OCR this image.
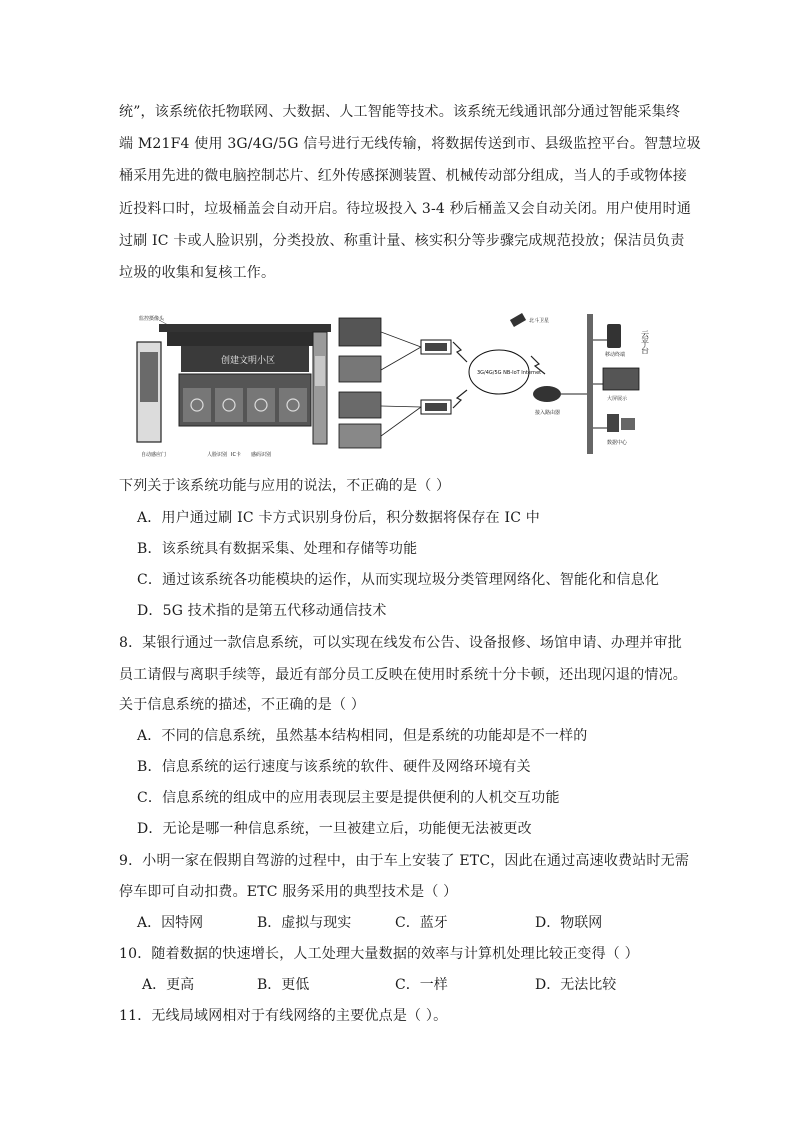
统”，该系统依托物联网、大数据、人工智能等技术。该系统无线通讯部分通过智能采集终
端 M21F4 使用 3G/4G/5G 信号进行无线传输，将数据传送到市、县级监控平台。智慧垃圾
桶采用先进的微电脑控制芯片、红外传感探测装置、机械传动部分组成，当人的手或物体接
近投料口时，垃圾桶盖会自动开启。待垃圾投入 3-4 秒后桶盖又会自动关闭。用户使用时通
过刷 IC 卡或人脸识别，分类投放、称重计量、核实积分等步骤完成规范投放；保洁员负责
垃圾的收集和复核工作。
创建文明小区
监控摄像头
自动感应门	人脸识别 IC卡 感码识别
3G/4G/5G NB-IoT Internet
北斗卫星
接入路由器
移动终端
大屏展示
数据中心
云平台
下列关于该系统功能与应用的说法，不正确的是（ ）
A．用户通过刷 IC 卡方式识别身份后，积分数据将保存在 IC 中
B．该系统具有数据采集、处理和存储等功能
C．通过该系统各功能模块的运作，从而实现垃圾分类管理网络化、智能化和信息化
D．5G 技术指的是第五代移动通信技术
8．某银行通过一款信息系统，可以实现在线发布公告、设备报修、场馆申请、办理并审批
员工请假与离职手续等，最近有部分员工反映在使用时系统十分卡顿，还出现闪退的情况。
关于信息系统的描述，不正确的是（ ）
A．不同的信息系统，虽然基本结构相同，但是系统的功能却是不一样的
B．信息系统的运行速度与该系统的软件、硬件及网络环境有关
C．信息系统的组成中的应用表现层主要是提供便利的人机交互功能
D．无论是哪一种信息系统，一旦被建立后，功能便无法被更改
9．小明一家在假期自驾游的过程中，由于车上安装了 ETC，因此在通过高速收费站时无需
停车即可自动扣费。ETC 服务采用的典型技术是（ ）
A．因特网	B．虚拟与现实	C．蓝牙	D．物联网
10．随着数据的快速增长，人工处理大量数据的效率与计算机处理比较正变得（ ）
A．更高	B．更低	C．一样	D．无法比较
11．无线局域网相对于有线网络的主要优点是（ ）。
